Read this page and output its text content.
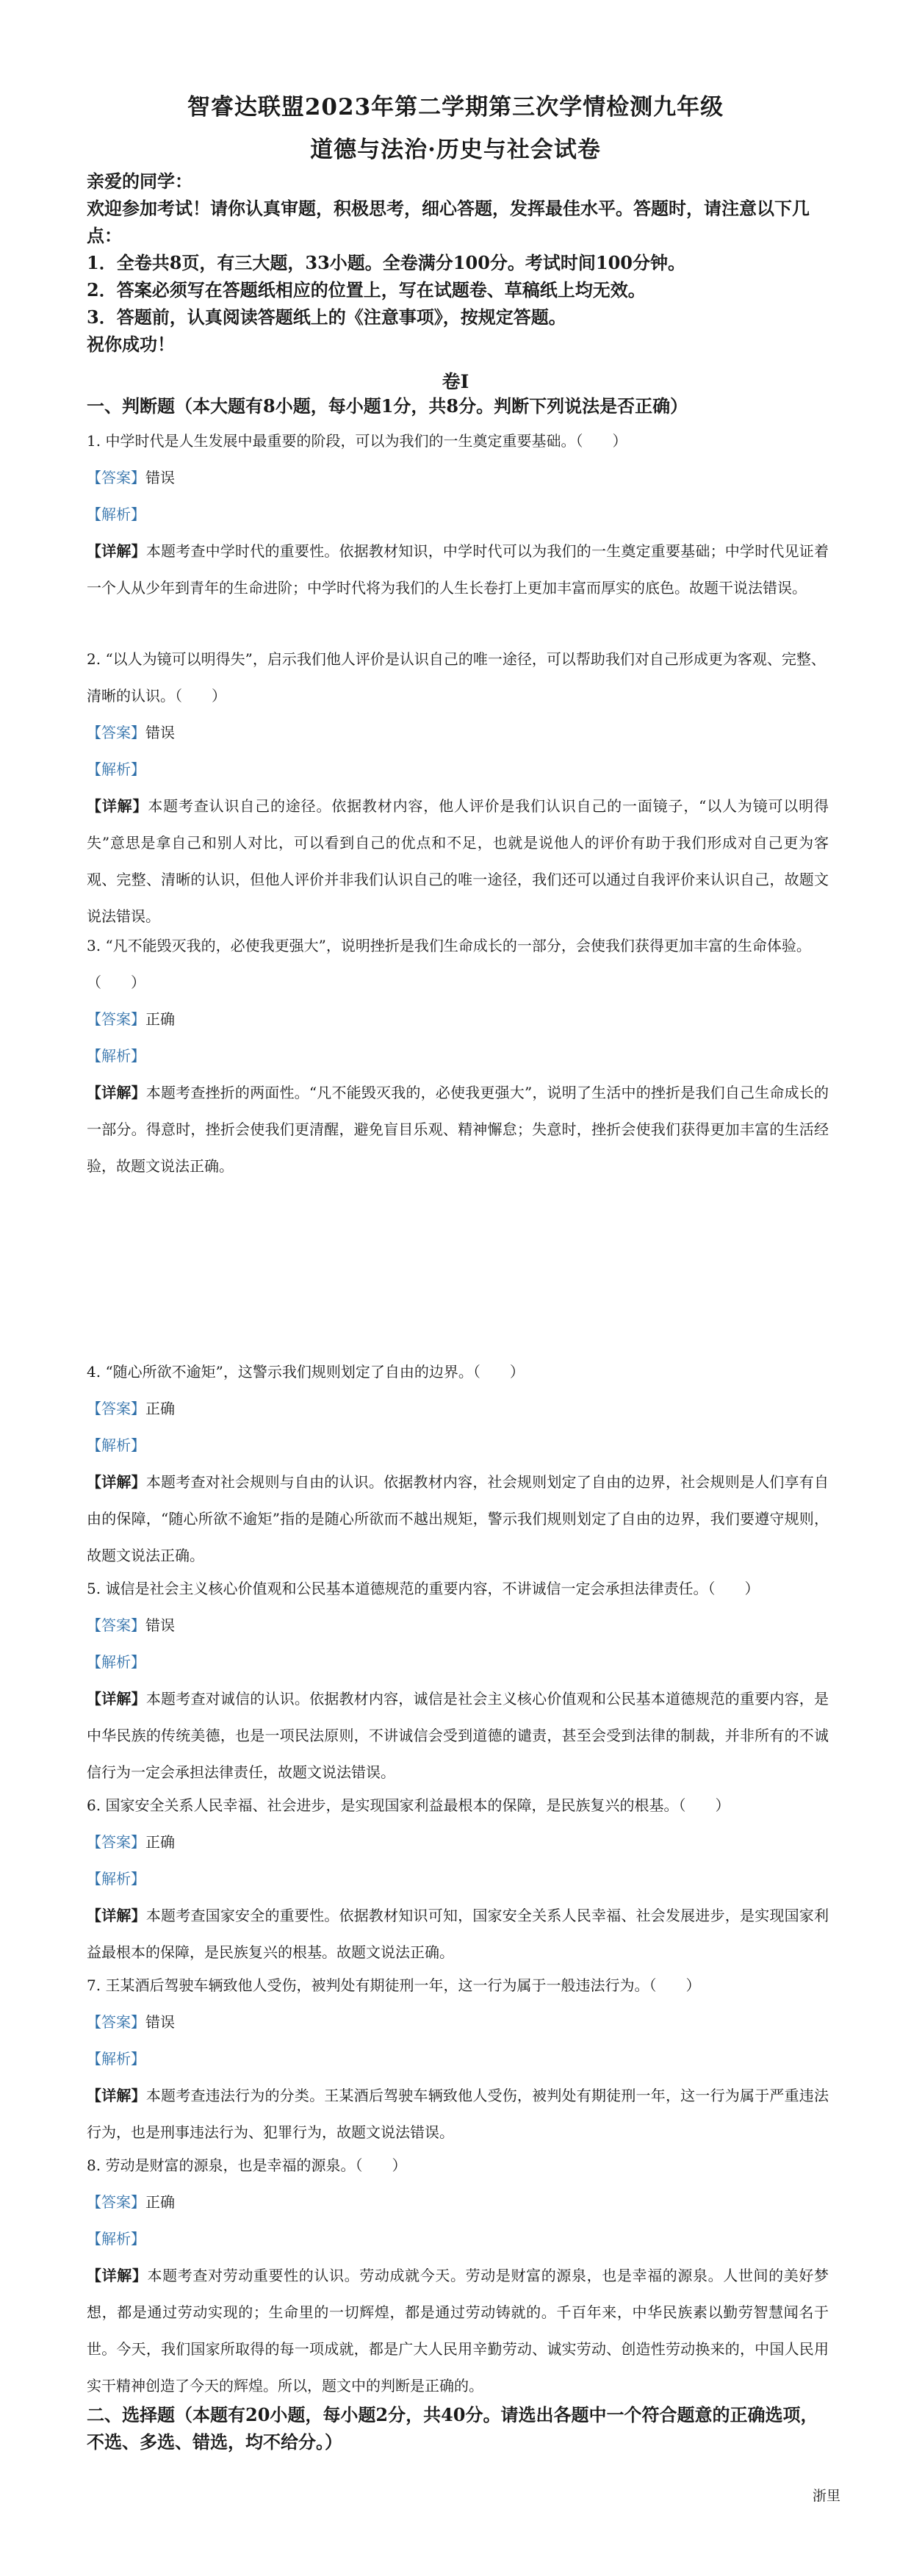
智睿达联盟2023年第二学期第三次学情检测九年级
道德与法治·历史与社会试卷
亲爱的同学：
欢迎参加考试！请你认真审题，积极思考，细心答题，发挥最佳水平。答题时，请注意以下几点：
1．全卷共8页，有三大题，33小题。全卷满分100分。考试时间100分钟。
2．答案必须写在答题纸相应的位置上，写在试题卷、草稿纸上均无效。
3．答题前，认真阅读答题纸上的《注意事项》，按规定答题。
祝你成功！
卷Ⅰ
一、判断题（本大题有8小题，每小题1分，共8分。判断下列说法是否正确）
1. 中学时代是人生发展中最重要的阶段，可以为我们的一生奠定重要基础。（　　）
【答案】错误
【解析】
【详解】本题考查中学时代的重要性。依据教材知识，中学时代可以为我们的一生奠定重要基础；中学时代见证着一个人从少年到青年的生命进阶；中学时代将为我们的人生长卷打上更加丰富而厚实的底色。故题干说法错误。
2. “以人为镜可以明得失”，启示我们他人评价是认识自己的唯一途径，可以帮助我们对自己形成更为客观、完整、清晰的认识。（　　）
【答案】错误
【解析】
【详解】本题考查认识自己的途径。依据教材内容，他人评价是我们认识自己的一面镜子，“以人为镜可以明得失”意思是拿自己和别人对比，可以看到自己的优点和不足，也就是说他人的评价有助于我们形成对自己更为客观、完整、清晰的认识，但他人评价并非我们认识自己的唯一途径，我们还可以通过自我评价来认识自己，故题文说法错误。
3. “凡不能毁灭我的，必使我更强大”，说明挫折是我们生命成长的一部分，会使我们获得更加丰富的生命体验。（　　）
【答案】正确
【解析】
【详解】本题考查挫折的两面性。“凡不能毁灭我的，必使我更强大”，说明了生活中的挫折是我们自己生命成长的一部分。得意时，挫折会使我们更清醒，避免盲目乐观、精神懈怠；失意时，挫折会使我们获得更加丰富的生活经验，故题文说法正确。
4. “随心所欲不逾矩”，这警示我们规则划定了自由的边界。（　　）
【答案】正确
【解析】
【详解】本题考查对社会规则与自由的认识。依据教材内容，社会规则划定了自由的边界，社会规则是人们享有自由的保障，“随心所欲不逾矩”指的是随心所欲而不越出规矩，警示我们规则划定了自由的边界，我们要遵守规则，故题文说法正确。
5. 诚信是社会主义核心价值观和公民基本道德规范的重要内容，不讲诚信一定会承担法律责任。（　　）
【答案】错误
【解析】
【详解】本题考查对诚信的认识。依据教材内容，诚信是社会主义核心价值观和公民基本道德规范的重要内容，是中华民族的传统美德，也是一项民法原则，不讲诚信会受到道德的谴责，甚至会受到法律的制裁，并非所有的不诚信行为一定会承担法律责任，故题文说法错误。
6. 国家安全关系人民幸福、社会进步，是实现国家利益最根本的保障，是民族复兴的根基。（　　）
【答案】正确
【解析】
【详解】本题考查国家安全的重要性。依据教材知识可知，国家安全关系人民幸福、社会发展进步，是实现国家利益最根本的保障，是民族复兴的根基。故题文说法正确。
7. 王某酒后驾驶车辆致他人受伤，被判处有期徒刑一年，这一行为属于一般违法行为。（　　）
【答案】错误
【解析】
【详解】本题考查违法行为的分类。王某酒后驾驶车辆致他人受伤，被判处有期徒刑一年，这一行为属于严重违法行为，也是刑事违法行为、犯罪行为，故题文说法错误。
8. 劳动是财富的源泉，也是幸福的源泉。（　　）
【答案】正确
【解析】
【详解】本题考查对劳动重要性的认识。劳动成就今天。劳动是财富的源泉，也是幸福的源泉。人世间的美好梦想，都是通过劳动实现的；生命里的一切辉煌，都是通过劳动铸就的。千百年来，中华民族素以勤劳智慧闻名于世。今天，我们国家所取得的每一项成就，都是广大人民用辛勤劳动、诚实劳动、创造性劳动换来的，中国人民用实干精神创造了今天的辉煌。所以，题文中的判断是正确的。
二、选择题（本题有20小题，每小题2分，共40分。请选出各题中一个符合题意的正确选项，不选、多选、错选，均不给分。）
浙里
